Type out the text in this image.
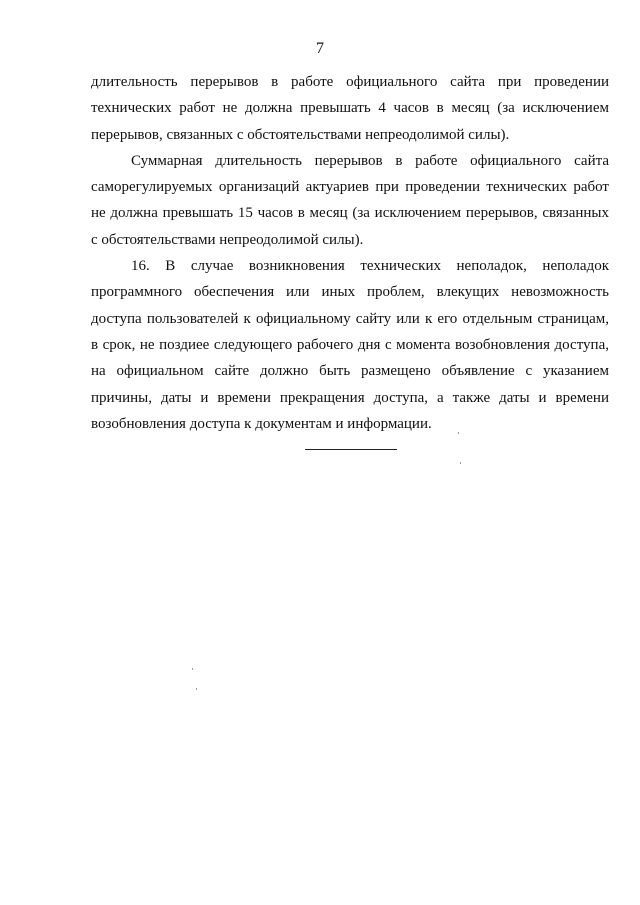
7
длительность перерывов в работе официального сайта при проведении
технических работ не должна превышать 4 часов в месяц (за исключением
перерывов, связанных с обстоятельствами непреодолимой силы).
Суммарная длительность перерывов в работе официального сайта
саморегулируемых организаций актуариев при проведении технических работ
не должна превышать 15 часов в месяц (за исключением перерывов, связанных
с обстоятельствами непреодолимой силы).
16. В случае возникновения технических неполадок, неполадок
программного обеспечения или иных проблем, влекущих невозможность
доступа пользователей к официальному сайту или к его отдельным страницам,
в срок, не поздиее следующего рабочего дня с момента возобновления доступа,
на официальном сайте должно быть размещено объявление с указанием
причины, даты и времени прекращения доступа, а также даты и времени
возобновления доступа к документам и информации.
